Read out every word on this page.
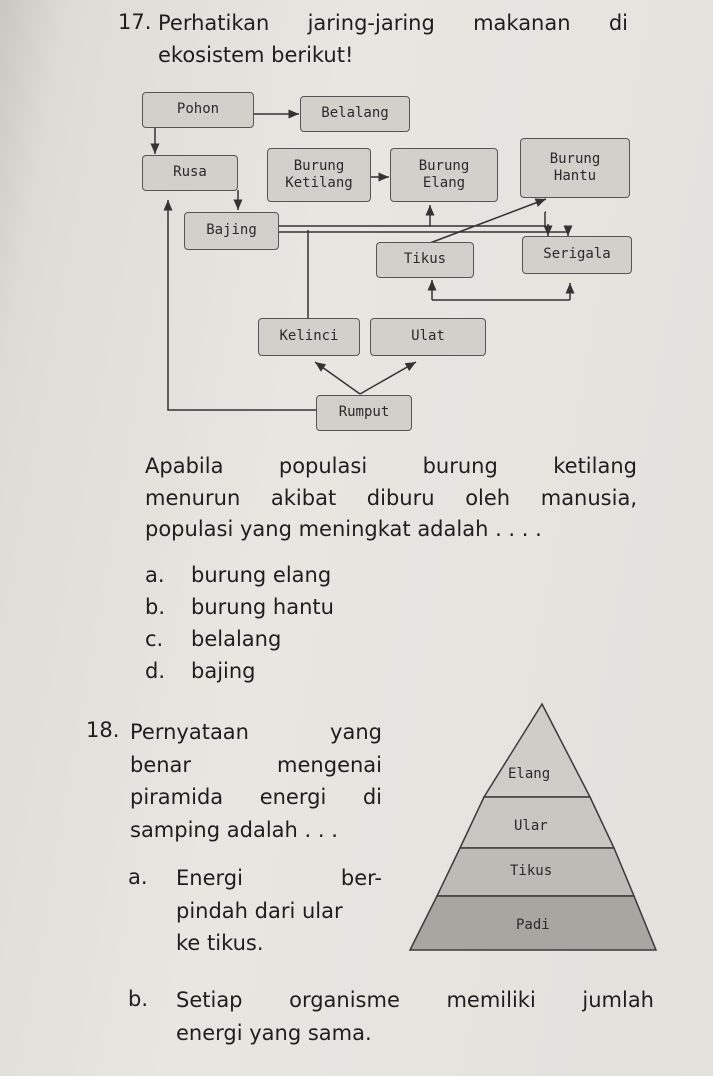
17. Perhatikan jaring-jaring makanan di
ekosistem berikut!
Pohon	Belalang
Rusa	Burung
Ketilang
Burung
Elang
Burung
Hantu
Bajing
Tikus	Serigala
Kelinci	Ulat
Rumput
Apabila populasi burung ketilang
menurun akibat diburu oleh manusia,
populasi yang meningkat adalah . . . .
a. burung elang
b. burung hantu
c. belalang
d. bajing
18. Pernyataan yang
benar mengenai
piramida energi di
samping adalah . . .
a. Energi ber-
pindah dari ular
ke tikus.
Elang
Ular
Tikus
Padi
b. Setiap organisme memiliki jumlah
energi yang sama.
